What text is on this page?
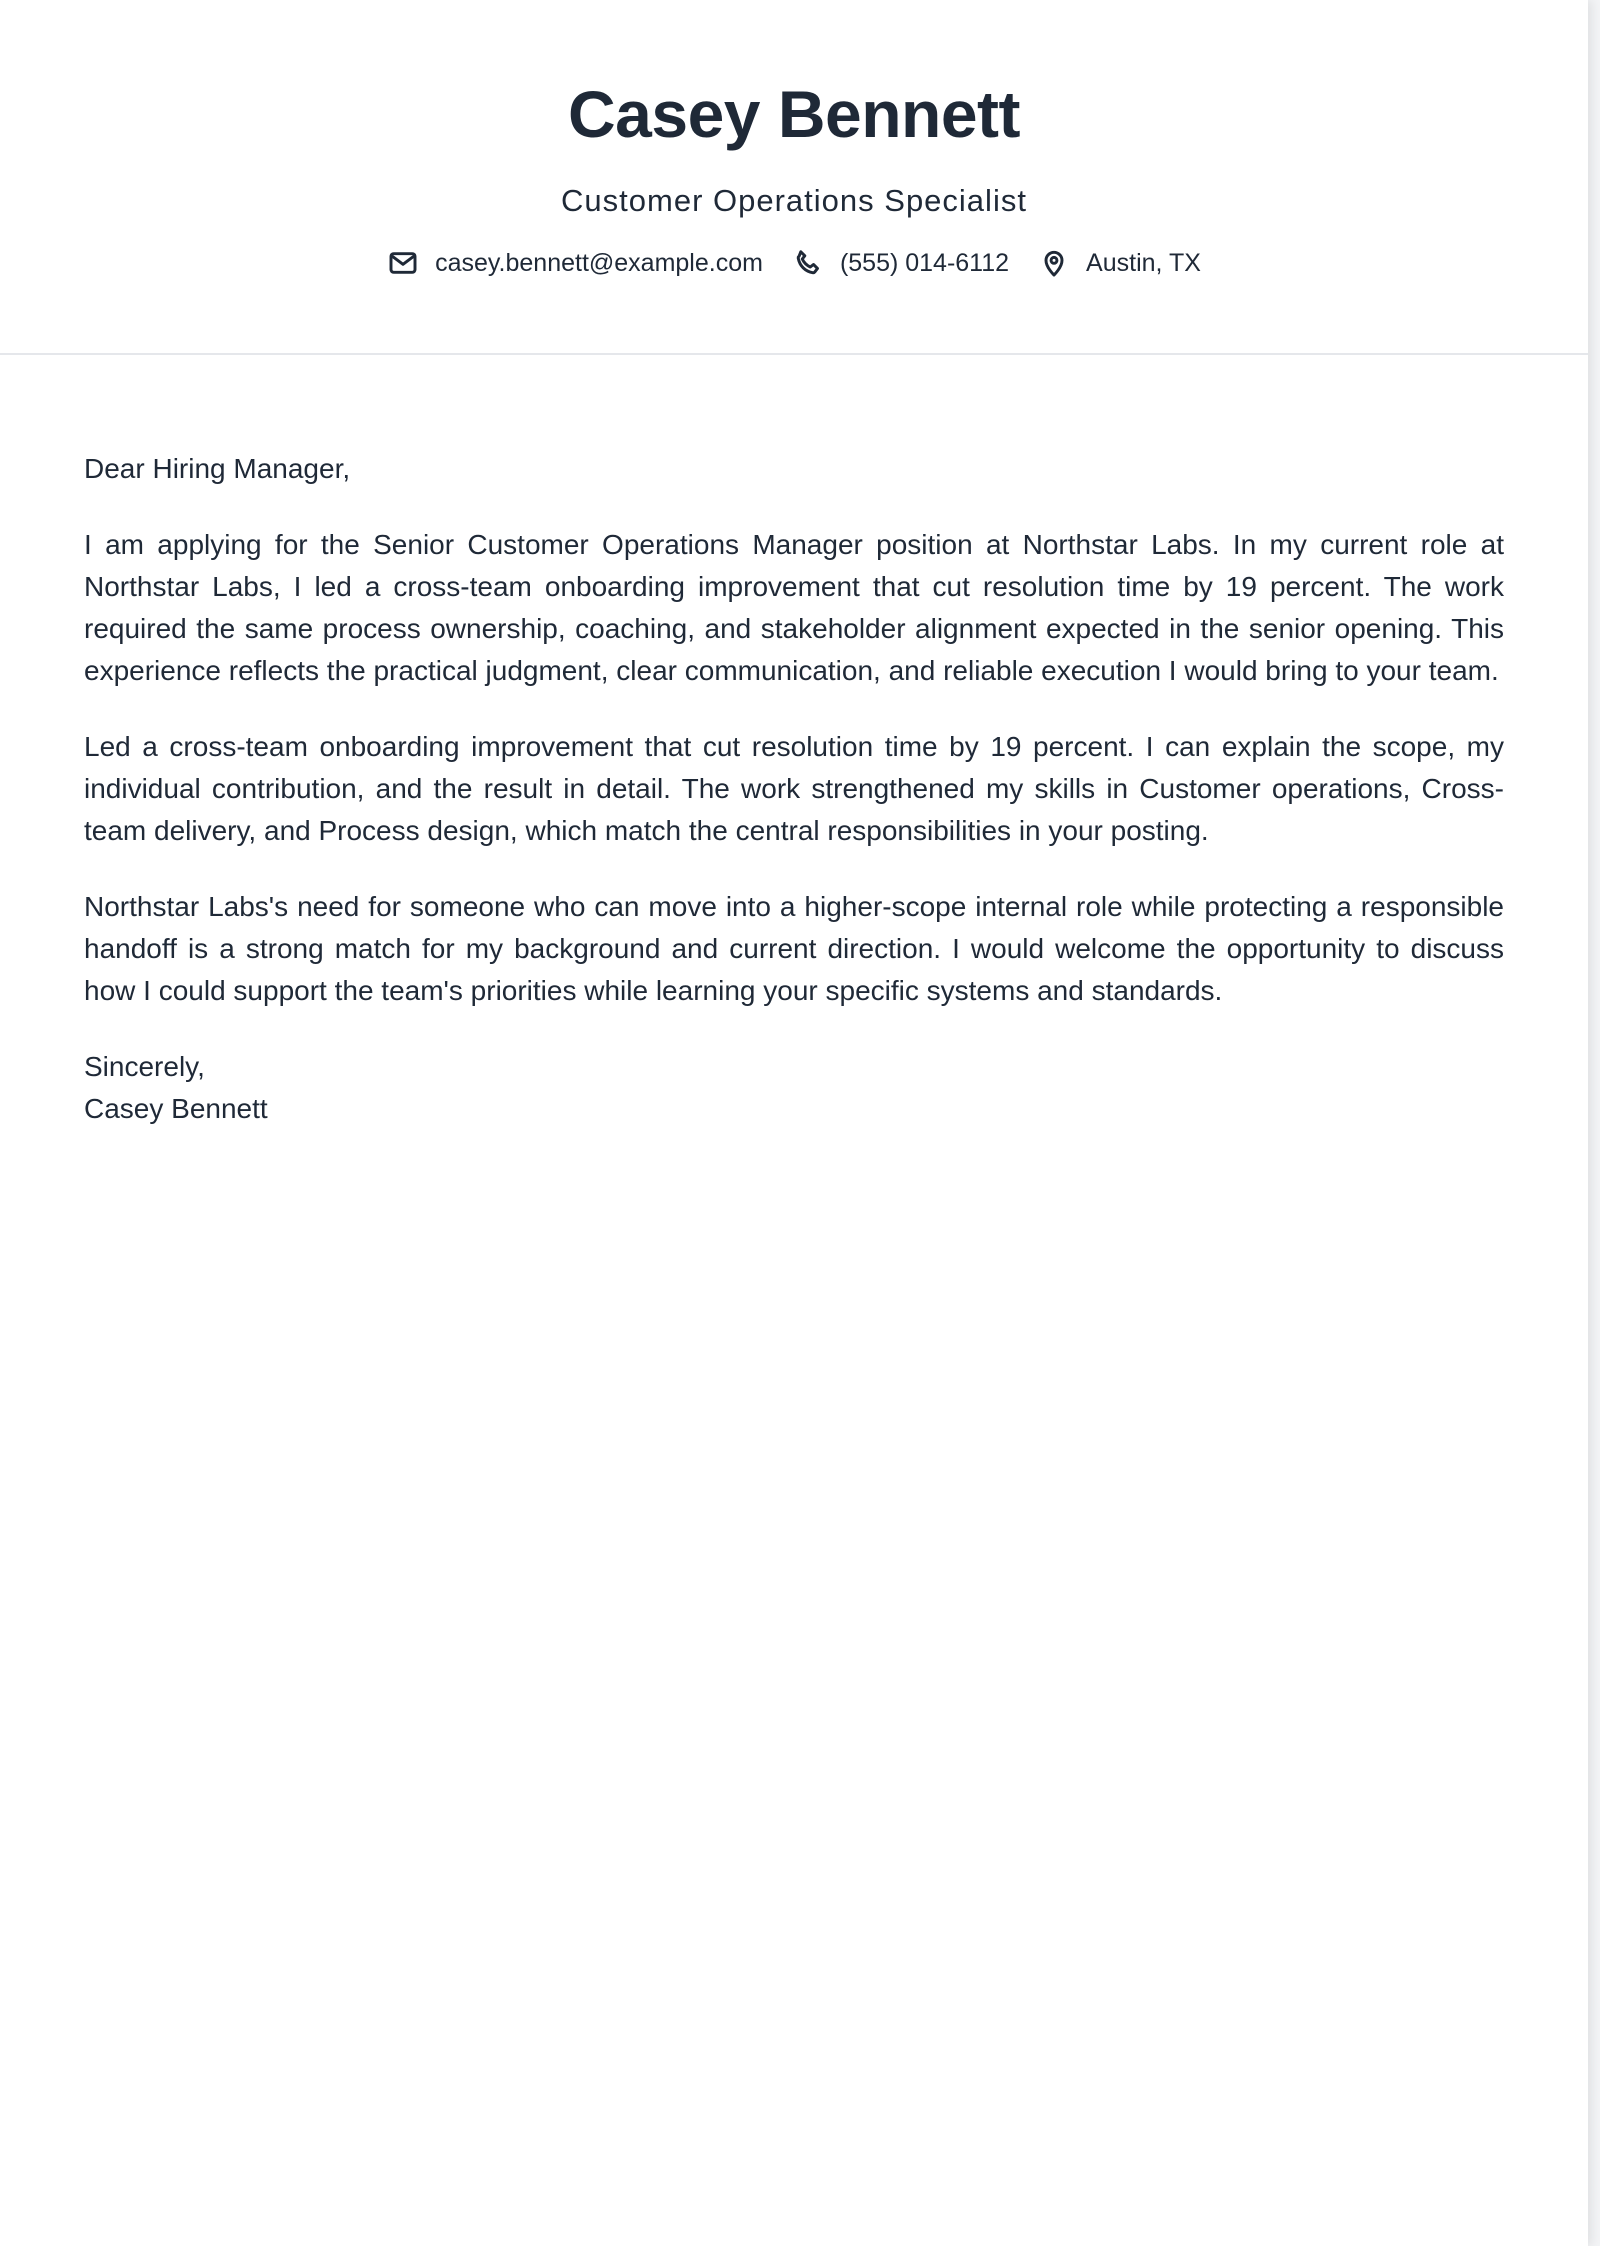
Casey Bennett
Customer Operations Specialist
casey.bennett@example.com	(555) 014-6112	Austin, TX

Dear Hiring Manager,

I am applying for the Senior Customer Operations Manager position at Northstar Labs. In my current role at Northstar Labs, I led a cross-team onboarding improvement that cut resolution time by 19 percent. The work required the same process ownership, coaching, and stakeholder alignment expected in the senior opening. This experience reflects the practical judgment, clear communication, and reliable execution I would bring to your team.

Led a cross-team onboarding improvement that cut resolution time by 19 percent. I can explain the scope, my individual contribution, and the result in detail. The work strengthened my skills in Customer operations, Cross-team delivery, and Process design, which match the central responsibilities in your posting.

Northstar Labs's need for someone who can move into a higher-scope internal role while protecting a responsible handoff is a strong match for my background and current direction. I would welcome the opportunity to discuss how I could support the team's priorities while learning your specific systems and standards.

Sincerely,

Casey Bennett
